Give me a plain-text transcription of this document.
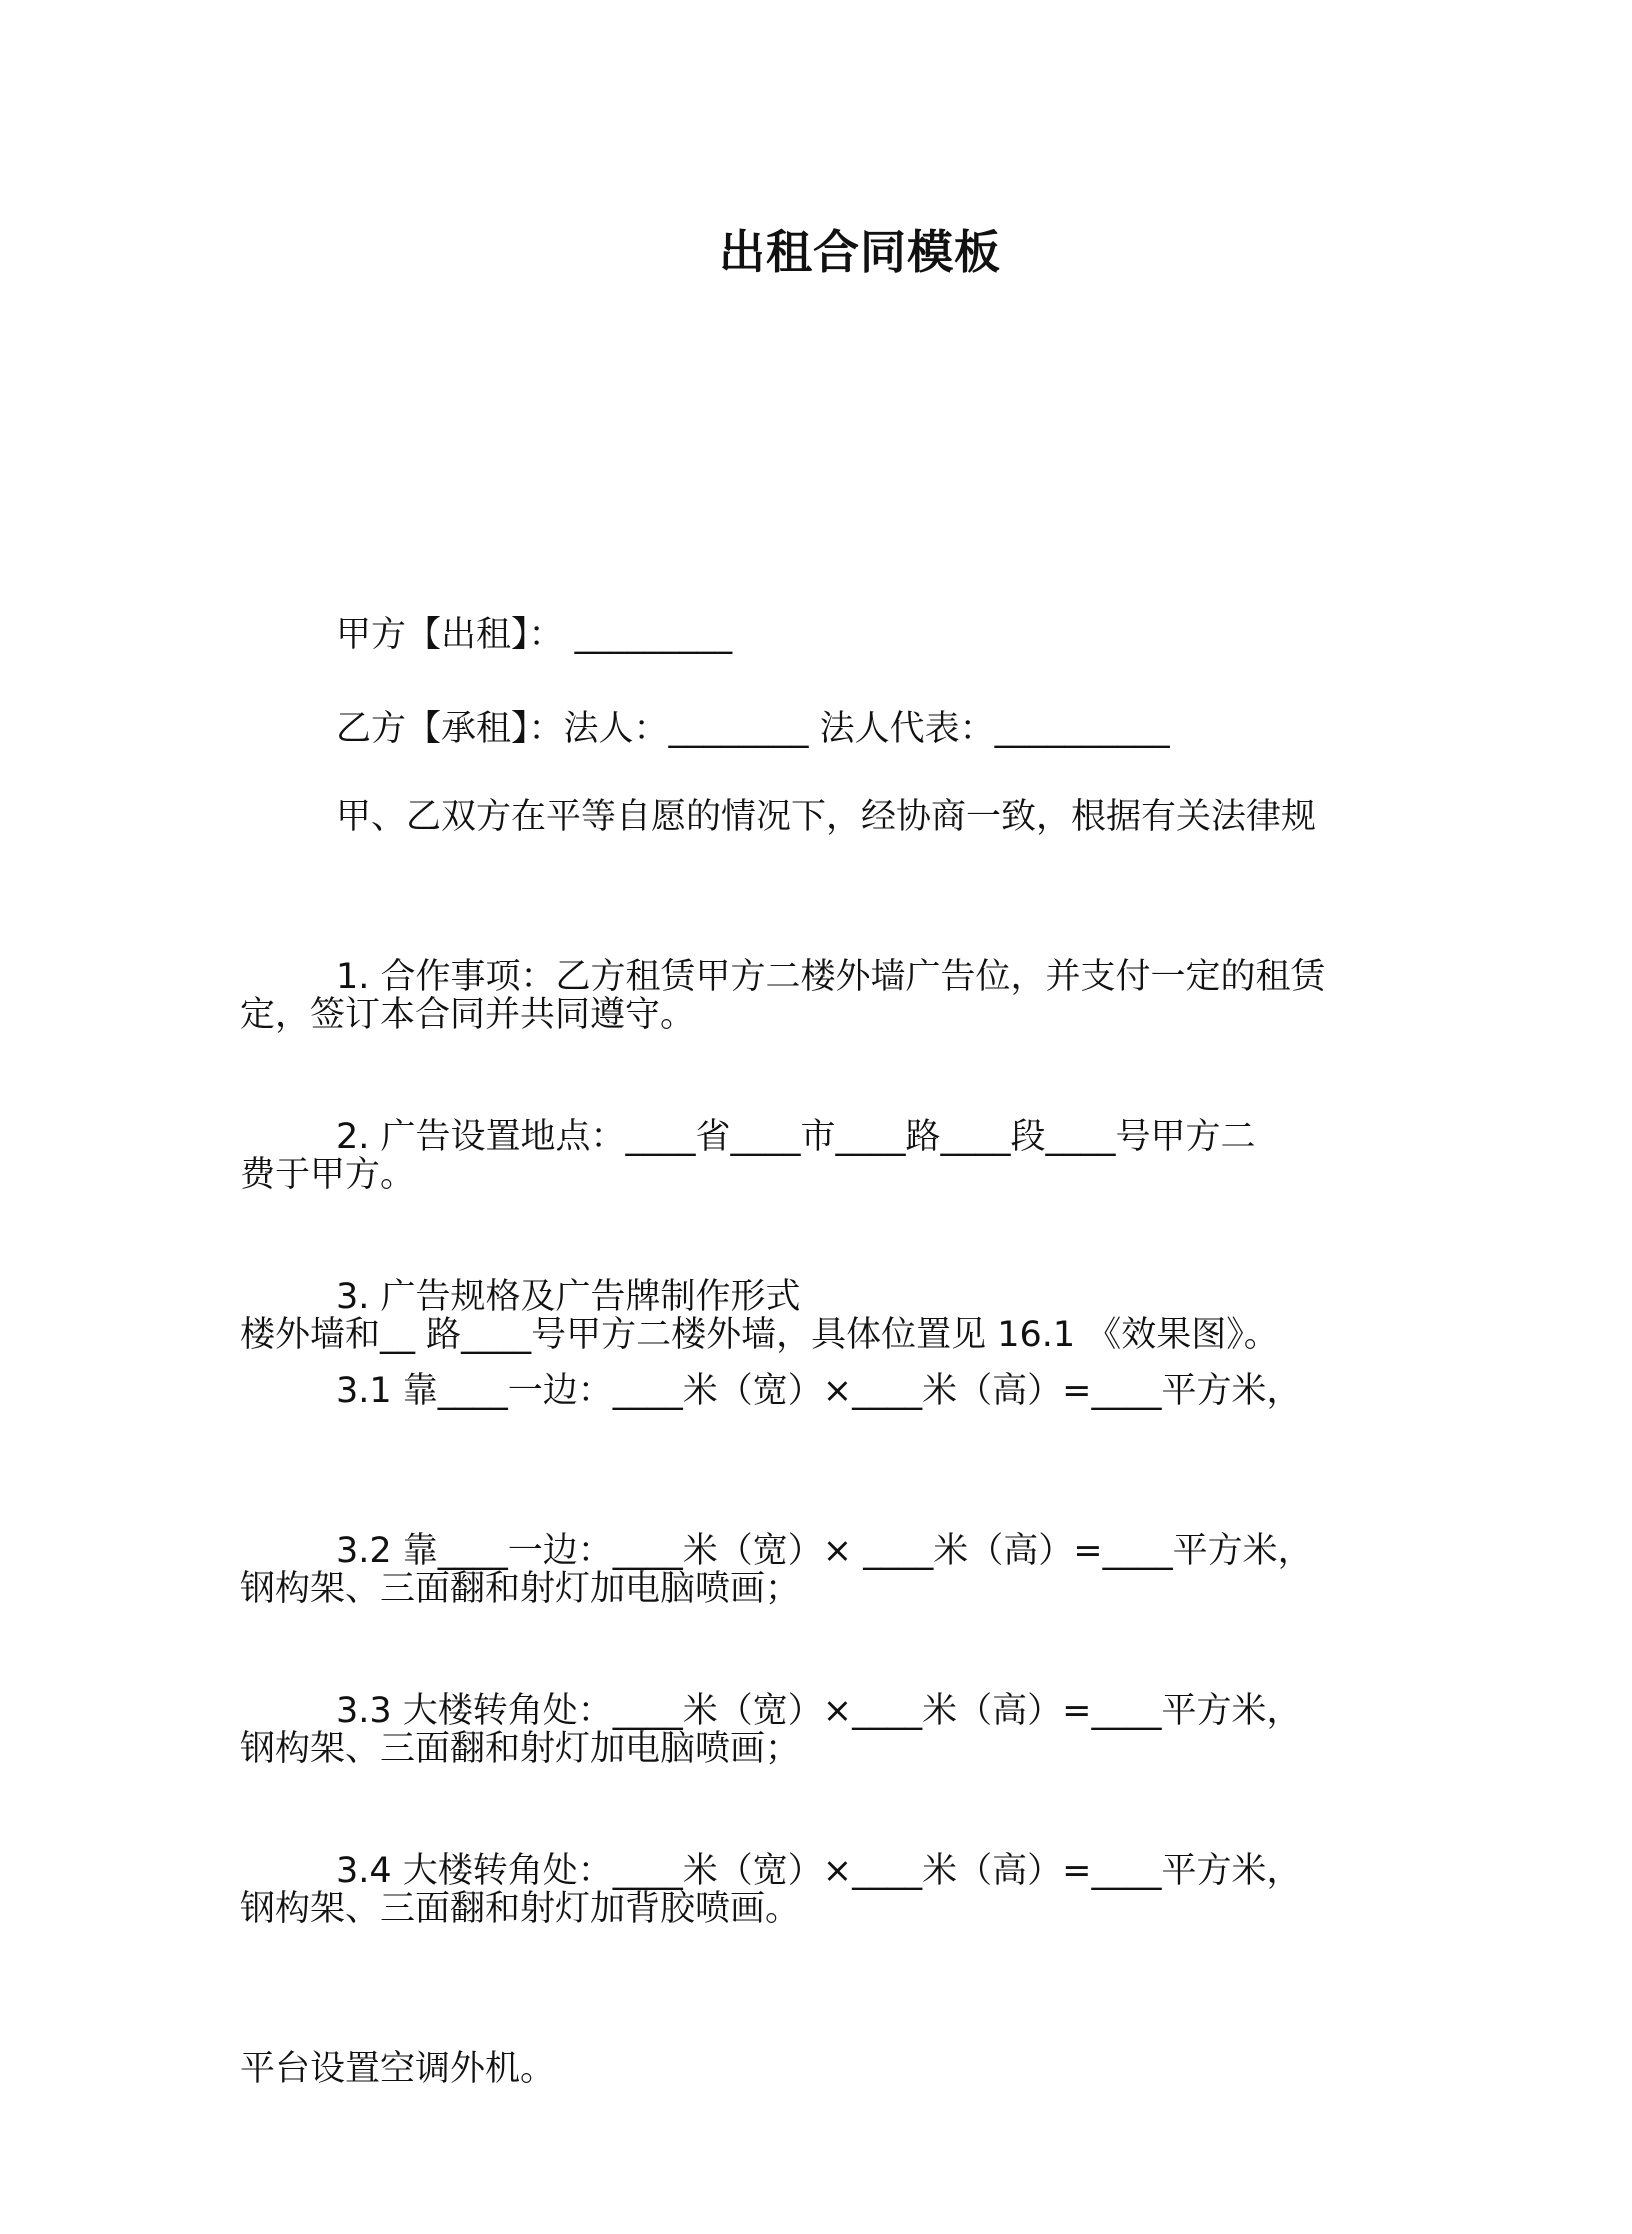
出租合同模板

甲方【出租】： _________

乙方【承租】：法人：________ 法人代表：__________

甲、乙双方在平等自愿的情况下，经协商一致，根据有关法律规

定，签订本合同并共同遵守。

1. 合作事项：乙方租赁甲方二楼外墙广告位，并支付一定的租赁

费于甲方。

2. 广告设置地点：____省____市____路____段____号甲方二

楼外墙和__ 路____号甲方二楼外墙，具体位置见 16.1 《效果图》。

3. 广告规格及广告牌制作形式

3.1 靠____一边：____米（宽）×____米（高）=____平方米，

钢构架、三面翻和射灯加电脑喷画；

3.2 靠____一边：____米（宽）× ____米（高）=____平方米，

钢构架、三面翻和射灯加电脑喷画；

3.3 大楼转角处：____米（宽）×____米（高）=____平方米，

钢构架、三面翻和射灯加背胶喷画。

3.4 大楼转角处：____米（宽）×____米（高）=____平方米，

平台设置空调外机。
